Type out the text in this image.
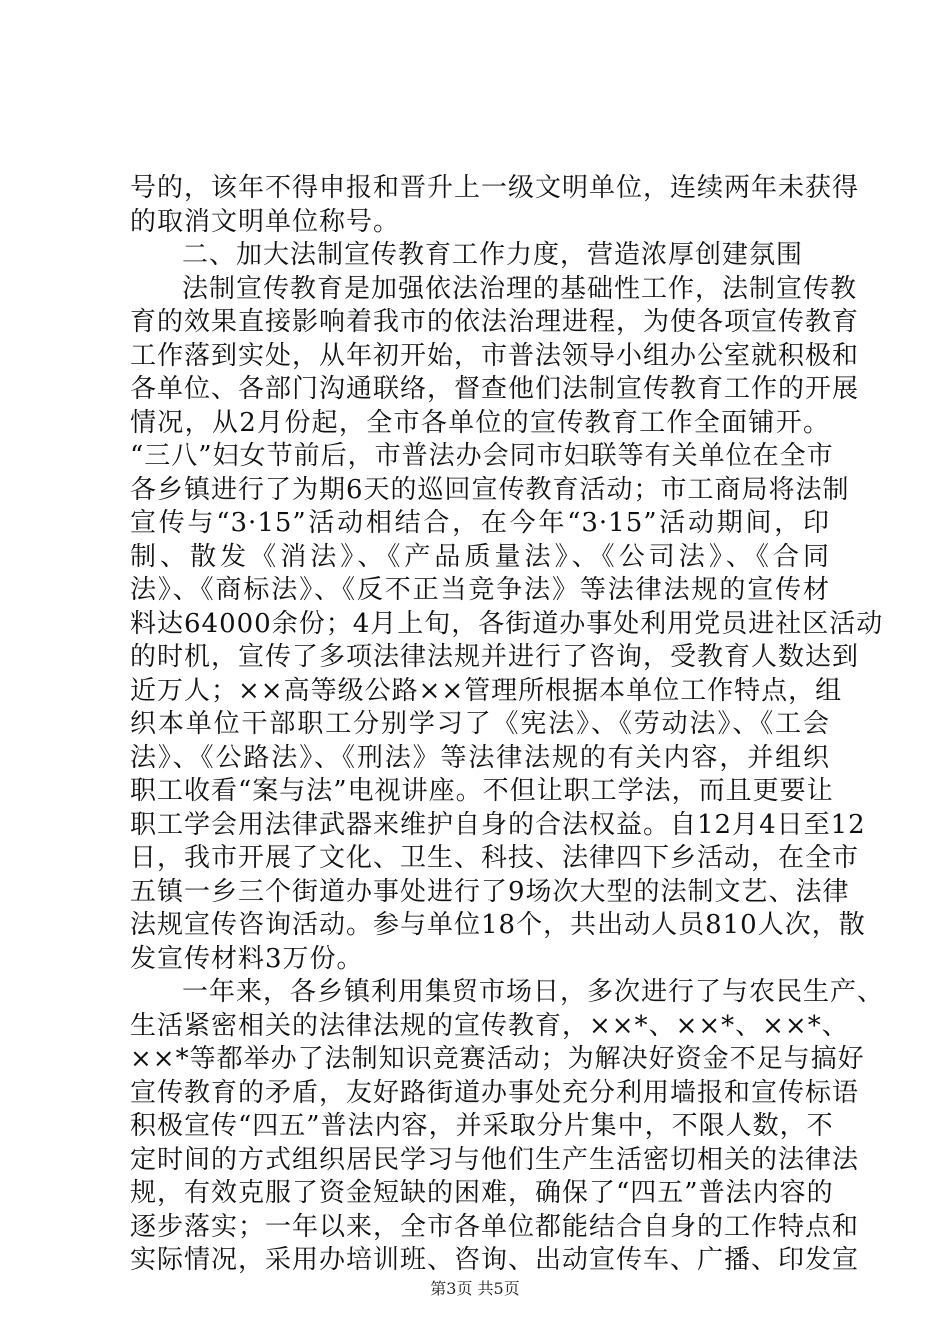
号的，该年不得申报和晋升上一级文明单位，连续两年未获得
的取消文明单位称号。
二、加大法制宣传教育工作力度，营造浓厚创建氛围
法制宣传教育是加强依法治理的基础性工作，法制宣传教
育的效果直接影响着我市的依法治理进程，为使各项宣传教育
工作落到实处，从年初开始，市普法领导小组办公室就积极和
各单位、各部门沟通联络，督查他们法制宣传教育工作的开展
情况，从2月份起，全市各单位的宣传教育工作全面铺开。
“三八”妇女节前后，市普法办会同市妇联等有关单位在全市
各乡镇进行了为期6天的巡回宣传教育活动；市工商局将法制
宣传与“3·15”活动相结合，在今年“3·15”活动期间，印
制、散发《消法》、《产品质量法》、《公司法》、《合同
法》、《商标法》、《反不正当竞争法》等法律法规的宣传材
料达64000余份；4月上旬，各街道办事处利用党员进社区活动
的时机，宣传了多项法律法规并进行了咨询，受教育人数达到
近万人；××高等级公路××管理所根据本单位工作特点，组
织本单位干部职工分别学习了《宪法》、《劳动法》、《工会
法》、《公路法》、《刑法》等法律法规的有关内容，并组织
职工收看“案与法”电视讲座。不但让职工学法，而且更要让
职工学会用法律武器来维护自身的合法权益。自12月4日至12
日，我市开展了文化、卫生、科技、法律四下乡活动，在全市
五镇一乡三个街道办事处进行了9场次大型的法制文艺、法律
法规宣传咨询活动。参与单位18个，共出动人员810人次，散
发宣传材料3万份。
一年来，各乡镇利用集贸市场日，多次进行了与农民生产、
生活紧密相关的法律法规的宣传教育，××*、××*、××*、
××*等都举办了法制知识竞赛活动；为解决好资金不足与搞好
宣传教育的矛盾，友好路街道办事处充分利用墙报和宣传标语
积极宣传“四五”普法内容，并采取分片集中，不限人数，不
定时间的方式组织居民学习与他们生产生活密切相关的法律法
规，有效克服了资金短缺的困难，确保了“四五”普法内容的
逐步落实；一年以来，全市各单位都能结合自身的工作特点和
实际情况，采用办培训班、咨询、出动宣传车、广播、印发宣
第3页 共5页
